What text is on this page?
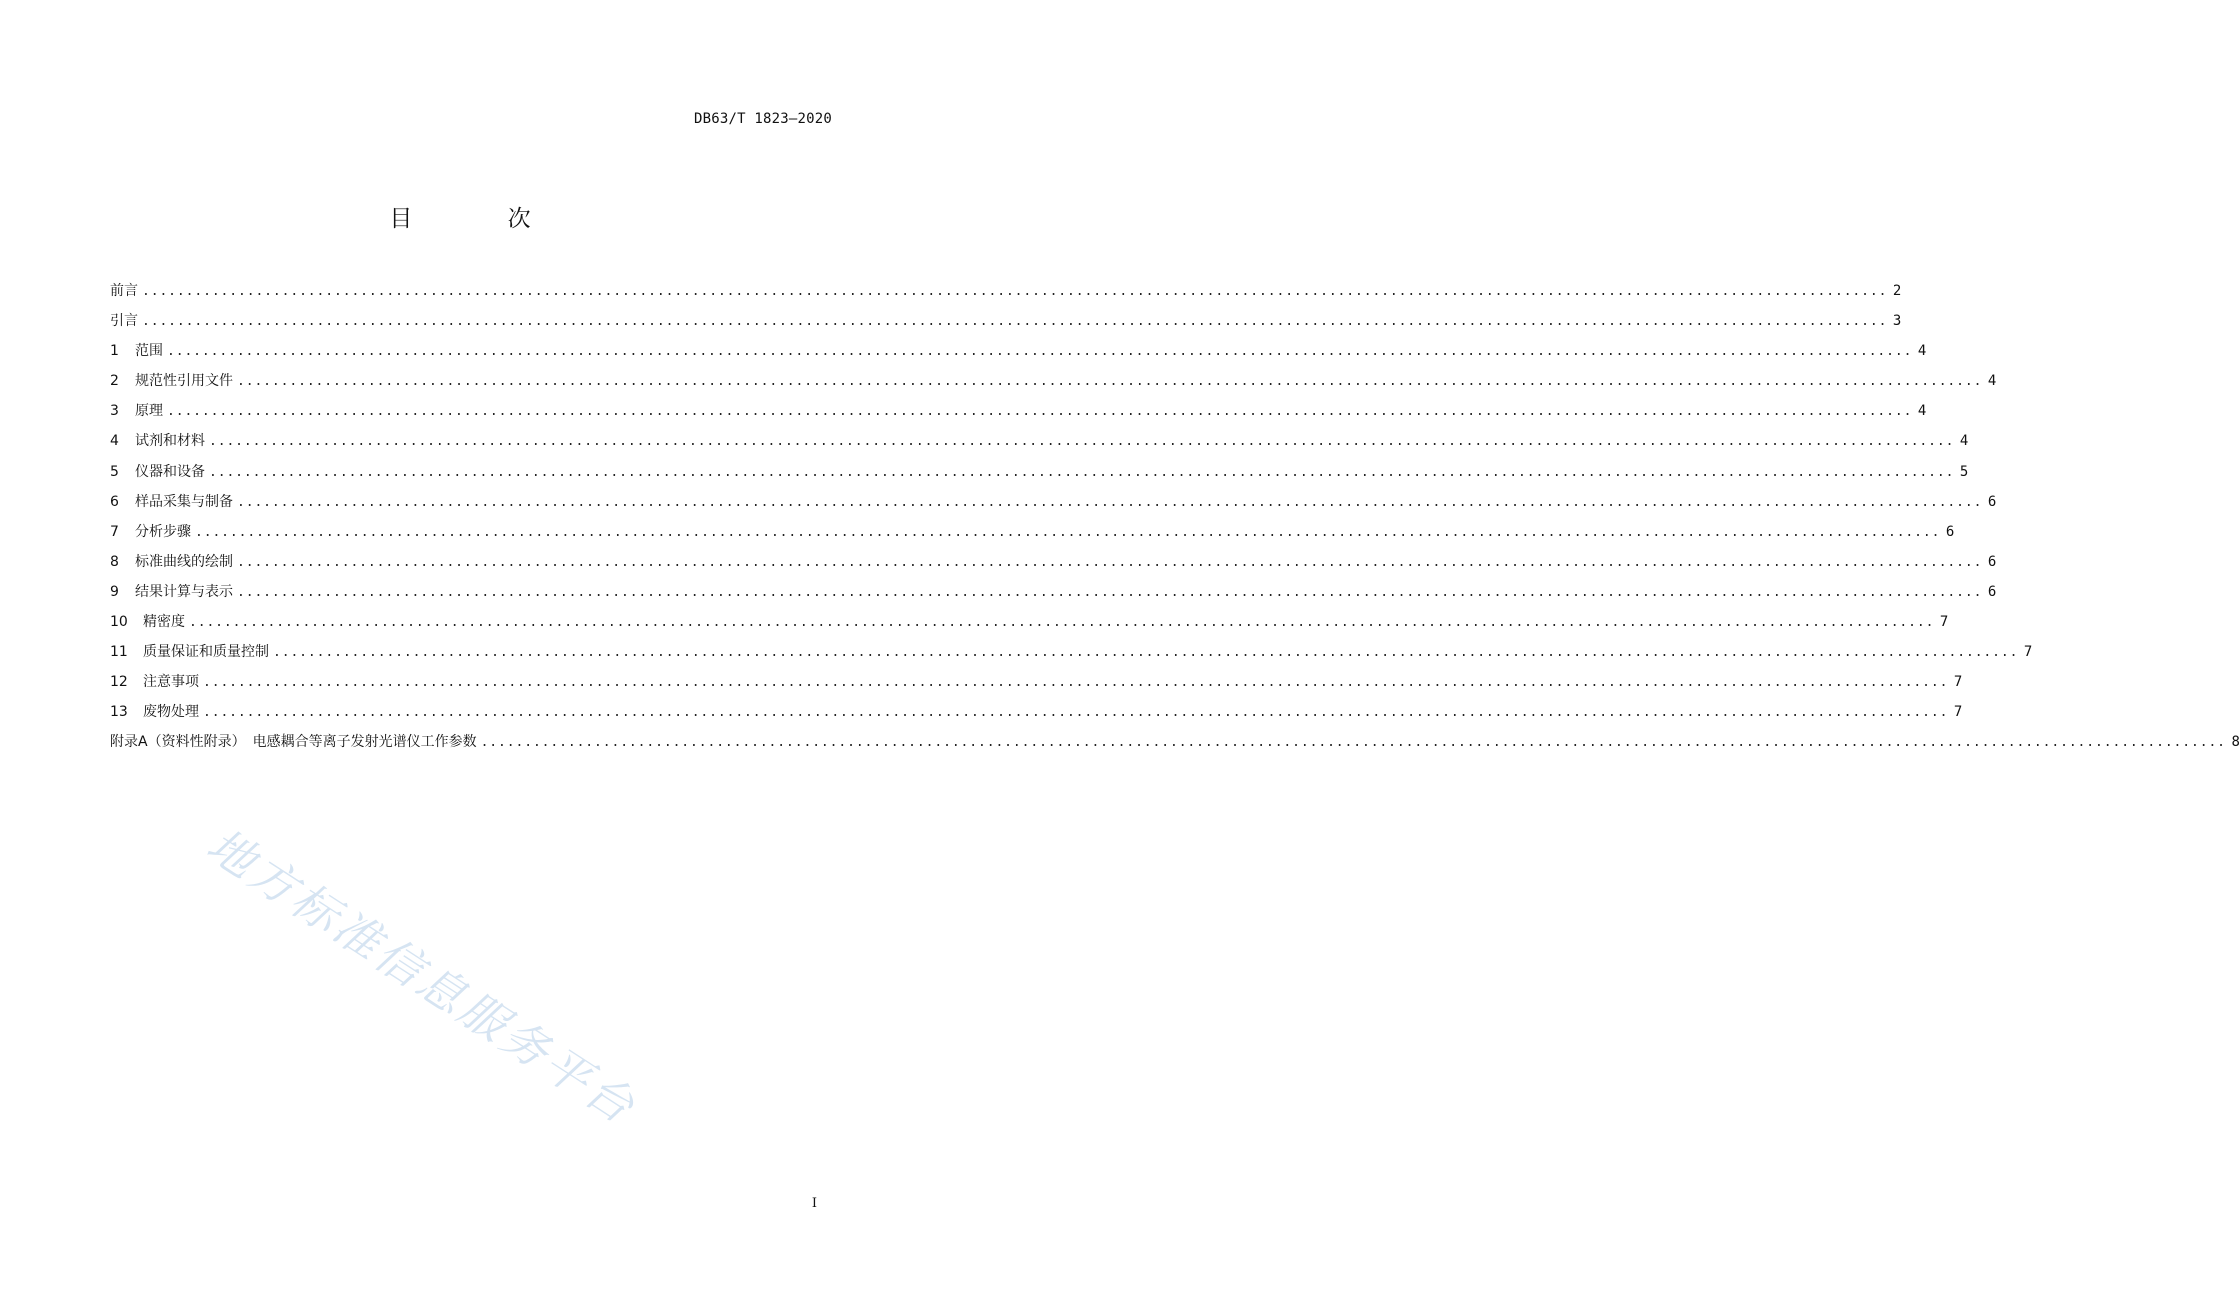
DB63/T 1823—2020
目 次
前言 ........................................................................................................................................................................................................ 2
引言 ........................................................................................................................................................................................................ 3
1	范围 ........................................................................................................................................................................................................ 4
2	规范性引用文件 ........................................................................................................................................................................................................ 4
3	原理 ........................................................................................................................................................................................................ 4
4	试剂和材料 ........................................................................................................................................................................................................ 4
5	仪器和设备 ........................................................................................................................................................................................................ 5
6	样品采集与制备 ........................................................................................................................................................................................................ 6
7	分析步骤 ........................................................................................................................................................................................................ 6
8	标准曲线的绘制 ........................................................................................................................................................................................................ 6
9	结果计算与表示 ........................................................................................................................................................................................................ 6
10	精密度 ........................................................................................................................................................................................................ 7
11	质量保证和质量控制 ........................................................................................................................................................................................................ 7
12	注意事项 ........................................................................................................................................................................................................ 7
13	废物处理 ........................................................................................................................................................................................................ 7
附录A（资料性附录）　电感耦合等离子发射光谱仪工作参数 ........................................................................................................................................................................................................ 8
地方标准信息服务平台
I
